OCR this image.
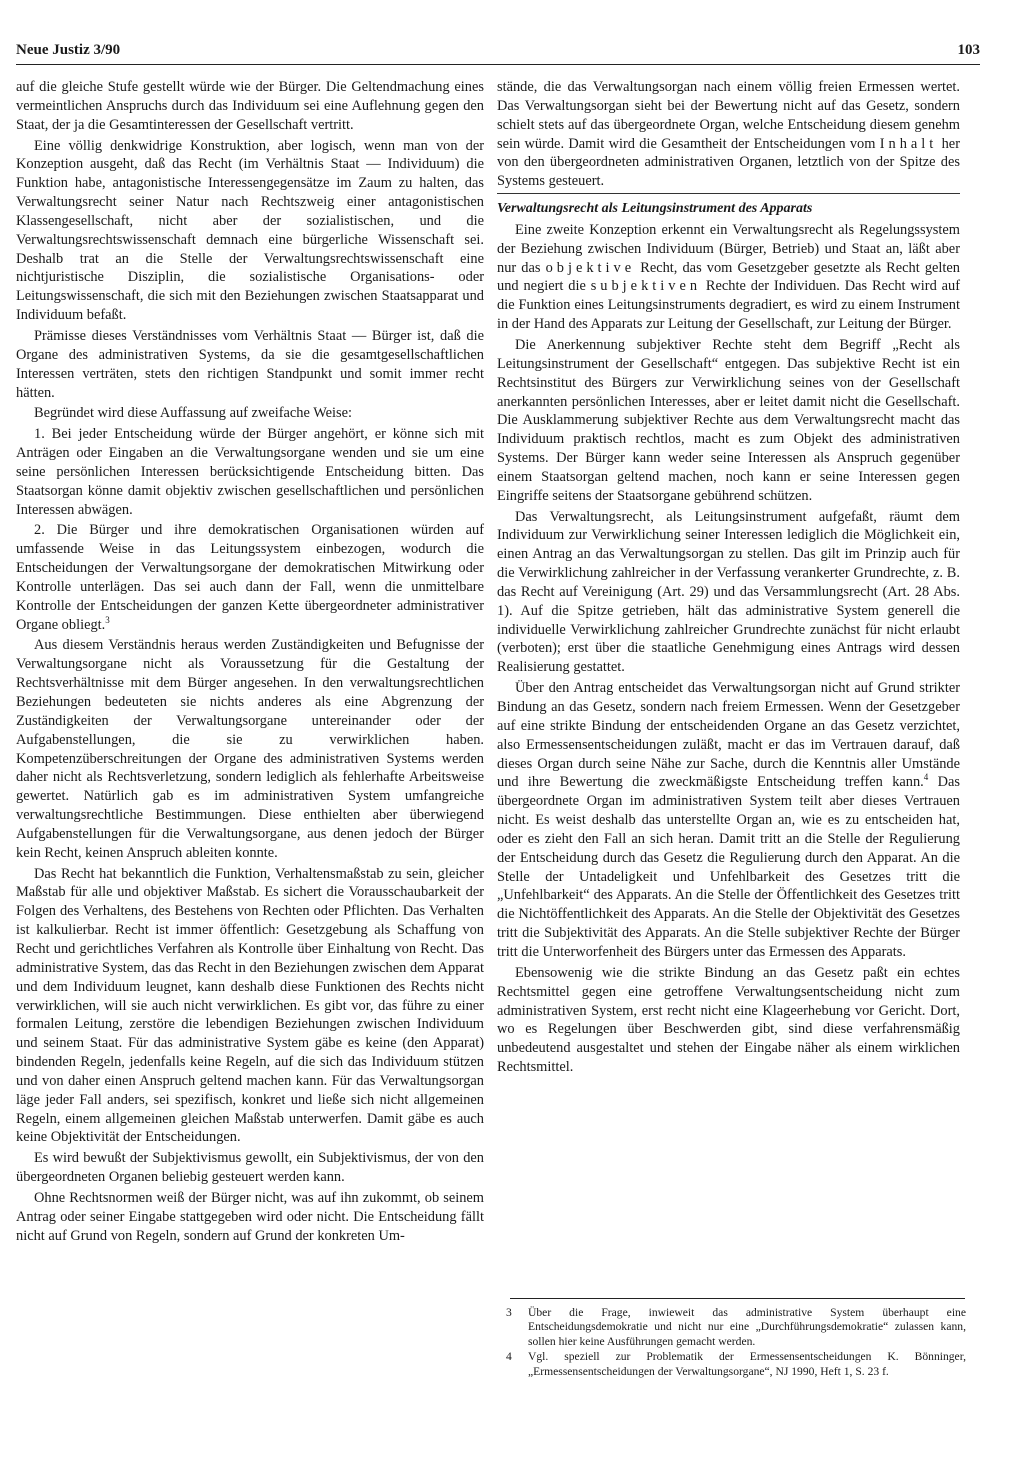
Neue Justiz 3/90	103

auf die gleiche Stufe gestellt würde wie der Bürger. Die Geltendmachung eines vermeintlichen Anspruchs durch das Individuum sei eine Auflehnung gegen den Staat, der ja die Gesamtinteressen der Gesellschaft vertritt.

Eine völlig denkwidrige Konstruktion, aber logisch, wenn man von der Konzeption ausgeht, daß das Recht (im Verhältnis Staat — Individuum) die Funktion habe, antagonistische Interessengegensätze im Zaum zu halten, das Verwaltungsrecht seiner Natur nach Rechtszweig einer antagonistischen Klassengesellschaft, nicht aber der sozialistischen, und die Verwaltungsrechtswissenschaft demnach eine bürgerliche Wissenschaft sei. Deshalb trat an die Stelle der Verwaltungsrechtswissenschaft eine nichtjuristische Disziplin, die sozialistische Organisations- oder Leitungswissenschaft, die sich mit den Beziehungen zwischen Staatsapparat und Individuum befaßt.

Prämisse dieses Verständnisses vom Verhältnis Staat — Bürger ist, daß die Organe des administrativen Systems, da sie die gesamtgesellschaftlichen Interessen verträten, stets den richtigen Standpunkt und somit immer recht hätten.

Begründet wird diese Auffassung auf zweifache Weise:

1. Bei jeder Entscheidung würde der Bürger angehört, er könne sich mit Anträgen oder Eingaben an die Verwaltungsorgane wenden und sie um eine seine persönlichen Interessen berücksichtigende Entscheidung bitten. Das Staatsorgan könne damit objektiv zwischen gesellschaftlichen und persönlichen Interessen abwägen.

2. Die Bürger und ihre demokratischen Organisationen würden auf umfassende Weise in das Leitungssystem einbezogen, wodurch die Entscheidungen der Verwaltungsorgane der demokratischen Mitwirkung oder Kontrolle unterlägen. Das sei auch dann der Fall, wenn die unmittelbare Kontrolle der Entscheidungen der ganzen Kette übergeordneter administrativer Organe obliegt.$^3$

Aus diesem Verständnis heraus werden Zuständigkeiten und Befugnisse der Verwaltungsorgane nicht als Voraussetzung für die Gestaltung der Rechtsverhältnisse mit dem Bürger angesehen. In den verwaltungsrechtlichen Beziehungen bedeuteten sie nichts anderes als eine Abgrenzung der Zuständigkeiten der Verwaltungsorgane untereinander oder der Aufgabenstellungen, die sie zu verwirklichen haben. Kompetenzüberschreitungen der Organe des administrativen Systems werden daher nicht als Rechtsverletzung, sondern lediglich als fehlerhafte Arbeitsweise gewertet. Natürlich gab es im administrativen System umfangreiche verwaltungsrechtliche Bestimmungen. Diese enthielten aber überwiegend Aufgabenstellungen für die Verwaltungsorgane, aus denen jedoch der Bürger kein Recht, keinen Anspruch ableiten konnte.

Das Recht hat bekanntlich die Funktion, Verhaltensmaßstab zu sein, gleicher Maßstab für alle und objektiver Maßstab. Es sichert die Vorausschaubarkeit der Folgen des Verhaltens, des Bestehens von Rechten oder Pflichten. Das Verhalten ist kalkulierbar. Recht ist immer öffentlich: Gesetzgebung als Schaffung von Recht und gerichtliches Verfahren als Kontrolle über Einhaltung von Recht. Das administrative System, das das Recht in den Beziehungen zwischen dem Apparat und dem Individuum leugnet, kann deshalb diese Funktionen des Rechts nicht verwirklichen, will sie auch nicht verwirklichen. Es gibt vor, das führe zu einer formalen Leitung, zerstöre die lebendigen Beziehungen zwischen Individuum und seinem Staat. Für das administrative System gäbe es keine (den Apparat) bindenden Regeln, jedenfalls keine Regeln, auf die sich das Individuum stützen und von daher einen Anspruch geltend machen kann. Für das Verwaltungsorgan läge jeder Fall anders, sei spezifisch, konkret und ließe sich nicht allgemeinen Regeln, einem allgemeinen gleichen Maßstab unterwerfen. Damit gäbe es auch keine Objektivität der Entscheidungen.

Es wird bewußt der Subjektivismus gewollt, ein Subjektivismus, der von den übergeordneten Organen beliebig gesteuert werden kann.

Ohne Rechtsnormen weiß der Bürger nicht, was auf ihn zukommt, ob seinem Antrag oder seiner Eingabe stattgegeben wird oder nicht. Die Entscheidung fällt nicht auf Grund von Regeln, sondern auf Grund der konkreten Um-

stände, die das Verwaltungsorgan nach einem völlig freien Ermessen wertet. Das Verwaltungsorgan sieht bei der Bewertung nicht auf das Gesetz, sondern schielt stets auf das übergeordnete Organ, welche Entscheidung diesem genehm sein würde. Damit wird die Gesamtheit der Entscheidungen vom Inhalt her von den übergeordneten administrativen Organen, letztlich von der Spitze des Systems gesteuert.

Verwaltungsrecht als Leitungsinstrument des Apparats

Eine zweite Konzeption erkennt ein Verwaltungsrecht als Regelungssystem der Beziehung zwischen Individuum (Bürger, Betrieb) und Staat an, läßt aber nur das objektive Recht, das vom Gesetzgeber gesetzte als Recht gelten und negiert die subjektiven Rechte der Individuen. Das Recht wird auf die Funktion eines Leitungsinstruments degradiert, es wird zu einem Instrument in der Hand des Apparats zur Leitung der Gesellschaft, zur Leitung der Bürger.

Die Anerkennung subjektiver Rechte steht dem Begriff „Recht als Leitungsinstrument der Gesellschaft“ entgegen. Das subjektive Recht ist ein Rechtsinstitut des Bürgers zur Verwirklichung seines von der Gesellschaft anerkannten persönlichen Interesses, aber er leitet damit nicht die Gesellschaft. Die Ausklammerung subjektiver Rechte aus dem Verwaltungsrecht macht das Individuum praktisch rechtlos, macht es zum Objekt des administrativen Systems. Der Bürger kann weder seine Interessen als Anspruch gegenüber einem Staatsorgan geltend machen, noch kann er seine Interessen gegen Eingriffe seitens der Staatsorgane gebührend schützen.

Das Verwaltungsrecht, als Leitungsinstrument aufgefaßt, räumt dem Individuum zur Verwirklichung seiner Interessen lediglich die Möglichkeit ein, einen Antrag an das Verwaltungsorgan zu stellen. Das gilt im Prinzip auch für die Verwirklichung zahlreicher in der Verfassung verankerter Grundrechte, z. B. das Recht auf Vereinigung (Art. 29) und das Versammlungsrecht (Art. 28 Abs. 1). Auf die Spitze getrieben, hält das administrative System generell die individuelle Verwirklichung zahlreicher Grundrechte zunächst für nicht erlaubt (verboten); erst über die staatliche Genehmigung eines Antrags wird dessen Realisierung gestattet.

Über den Antrag entscheidet das Verwaltungsorgan nicht auf Grund strikter Bindung an das Gesetz, sondern nach freiem Ermessen. Wenn der Gesetzgeber auf eine strikte Bindung der entscheidenden Organe an das Gesetz verzichtet, also Ermessensentscheidungen zuläßt, macht er das im Vertrauen darauf, daß dieses Organ durch seine Nähe zur Sache, durch die Kenntnis aller Umstände und ihre Bewertung die zweckmäßigste Entscheidung treffen kann.$^4$ Das übergeordnete Organ im administrativen System teilt aber dieses Vertrauen nicht. Es weist deshalb das unterstellte Organ an, wie es zu entscheiden hat, oder es zieht den Fall an sich heran. Damit tritt an die Stelle der Regulierung der Entscheidung durch das Gesetz die Regulierung durch den Apparat. An die Stelle der Untadeligkeit und Unfehlbarkeit des Gesetzes tritt die „Unfehlbarkeit“ des Apparats. An die Stelle der Öffentlichkeit des Gesetzes tritt die Nichtöffentlichkeit des Apparats. An die Stelle der Objektivität des Gesetzes tritt die Subjektivität des Apparats. An die Stelle subjektiver Rechte der Bürger tritt die Unterworfenheit des Bürgers unter das Ermessen des Apparats.

Ebensowenig wie die strikte Bindung an das Gesetz paßt ein echtes Rechtsmittel gegen eine getroffene Verwaltungsentscheidung nicht zum administrativen System, erst recht nicht eine Klageerhebung vor Gericht. Dort, wo es Regelungen über Beschwerden gibt, sind diese verfahrensmäßig unbedeutend ausgestaltet und stehen der Eingabe näher als einem wirklichen Rechtsmittel.

3	Über die Frage, inwieweit das administrative System überhaupt eine Entscheidungsdemokratie und nicht nur eine „Durchführungsdemokratie“ zulassen kann, sollen hier keine Ausführungen gemacht werden.
4	Vgl. speziell zur Problematik der Ermessensentscheidungen K. Bönninger, „Ermessensentscheidungen der Verwaltungsorgane“, NJ 1990, Heft 1, S. 23 f.
